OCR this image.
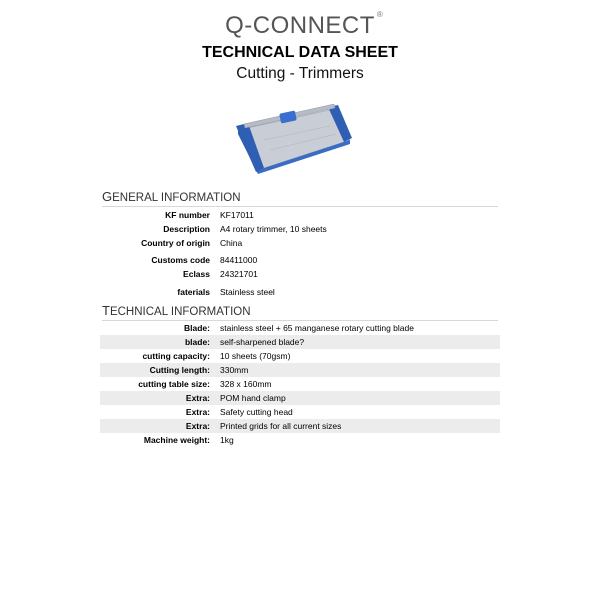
Q-CONNECT ®
TECHNICAL DATA SHEET
Cutting - Trimmers
GENERAL INFORMATION
KF number	KF17011
Description	A4 rotary trimmer, 10 sheets
Country of origin	China
Customs code	84411000
Eclass	24321701
faterials	Stainless steel
TECHNICAL INFORMATION
Blade:	stainless steel + 65 manganese rotary cutting blade
blade:	self-sharpened blade?
cutting capacity:	10 sheets (70gsm)
Cutting length:	330mm
cutting table size:	328 x 160mm
Extra:	POM hand clamp
Extra:	Safety cutting head
Extra:	Printed grids for all current sizes
Machine weight:	1kg
